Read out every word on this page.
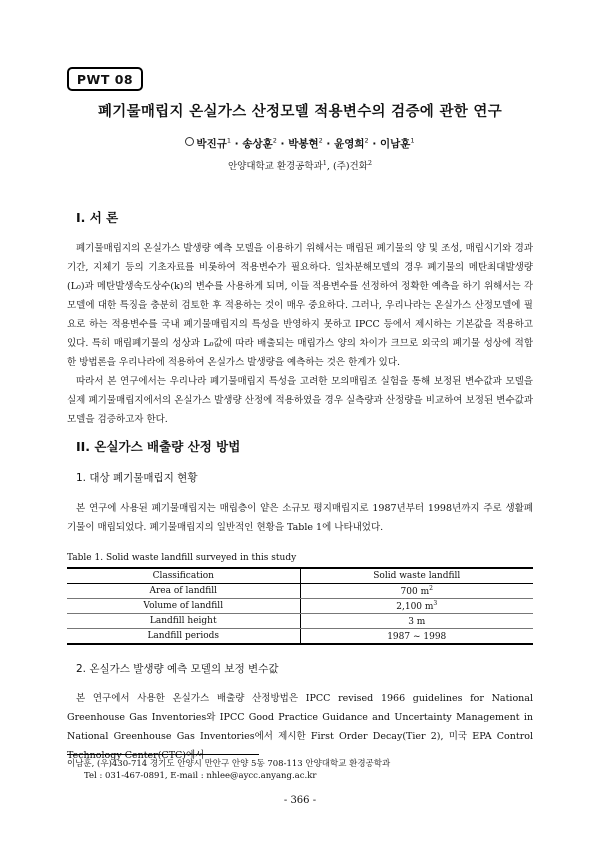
PWT 08
폐기물매립지 온실가스 산정모델 적용변수의 검증에 관한 연구
박진규$^1$ · 송상훈$^2$ · 박봉현$^2$ · 윤영희$^2$ · 이남훈$^1$
안양대학교 환경공학과$^1$, (주)건화$^2$
I. 서 론
폐기물매립지의 온실가스 발생량 예측 모델을 이용하기 위해서는 매립된 폐기물의 양 및 조성, 매립시기와 경과기간, 지체기 등의 기초자료를 비롯하여 적용변수가 필요하다. 일차분해모델의 경우 폐기물의 메탄최대발생량(L₀)과 메탄발생속도상수(k)의 변수를 사용하게 되며, 이들 적용변수를 선정하여 정확한 예측을 하기 위해서는 각 모델에 대한 특징을 충분히 검토한 후 적용하는 것이 매우 중요하다. 그러나, 우리나라는 온실가스 산정모델에 필요로 하는 적용변수를 국내 폐기물매립지의 특성을 반영하지 못하고 IPCC 등에서 제시하는 기본값을 적용하고 있다. 특히 매립폐기물의 성상과 L₀값에 따라 배출되는 매립가스 양의 차이가 크므로 외국의 폐기물 성상에 적합한 방법론을 우리나라에 적용하여 온실가스 발생량을 예측하는 것은 한계가 있다.
따라서 본 연구에서는 우리나라 폐기물매립지 특성을 고려한 모의매립조 실험을 통해 보정된 변수값과 모델을 실제 폐기물매립지에서의 온실가스 발생량 산정에 적용하였을 경우 실측량과 산정량을 비교하여 보정된 변수값과 모델을 검증하고자 한다.
II. 온실가스 배출량 산정 방법
1. 대상 폐기물매립지 현황
본 연구에 사용된 폐기물매립지는 매립층이 얕은 소규모 평지매립지로 1987년부터 1998년까지 주로 생활폐기물이 매립되었다. 폐기물매립지의 일반적인 현황을 Table 1에 나타내었다.
Table 1. Solid waste landfill surveyed in this study
Classification	Solid waste landfill
Area of landfill	700 $m^2$
Volume of landfill	2,100 $m^3$
Landfill height	3 m
Landfill periods	1987 ~ 1998
2. 온실가스 발생량 예측 모델의 보정 변수값
본 연구에서 사용한 온실가스 배출량 산정방법은 IPCC revised 1966 guidelines for National Greenhouse Gas Inventories와 IPCC Good Practice Guidance and Uncertainty Management in National Greenhouse Gas Inventories에서 제시한 First Order Decay(Tier 2), 미국 EPA Control Technology Center(CTC)에서
이남훈, (우)430-714 경기도 안양시 만안구 안양 5동 708-113 안양대학교 환경공학과
Tel : 031-467-0891, E-mail : nhlee@aycc.anyang.ac.kr
- 366 -
